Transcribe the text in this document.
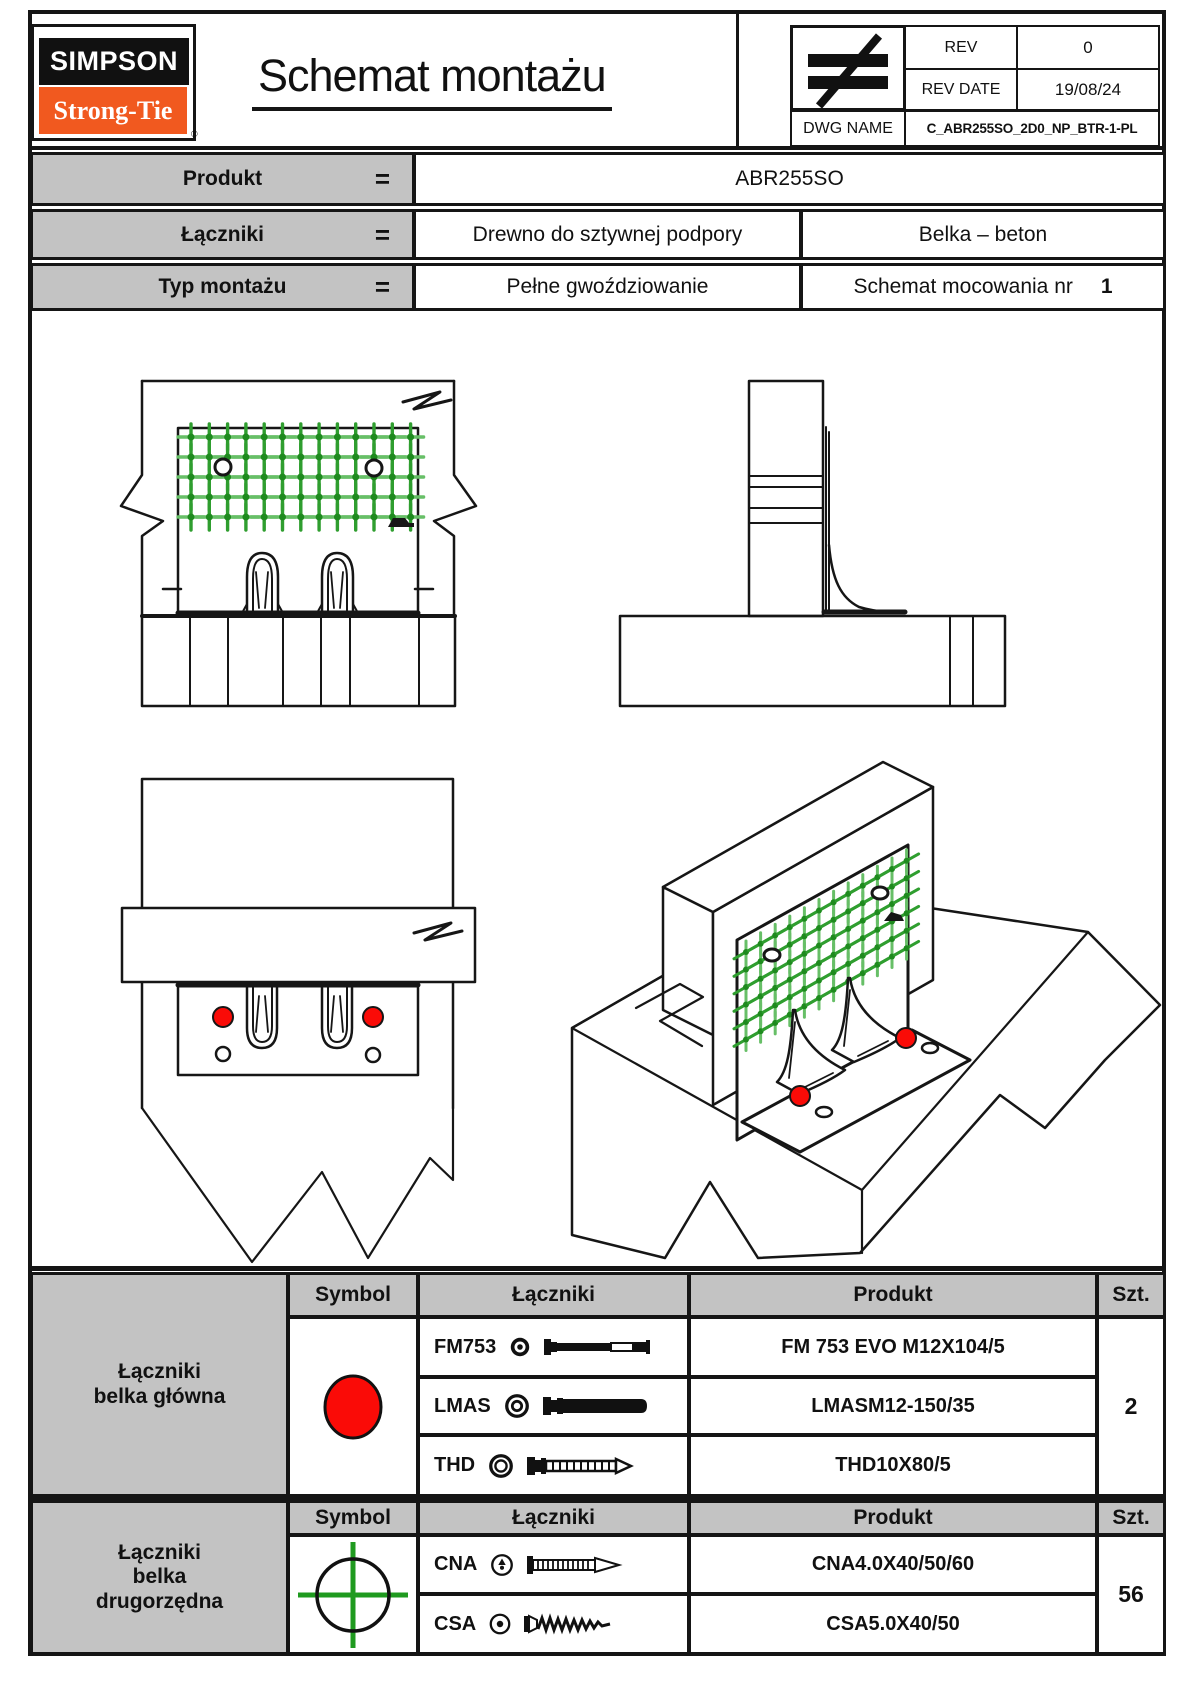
SIMPSON
Strong-Tie
®
Schemat montażu
REV	0
REV DATE	19/08/24
DWG NAME	C_ABR255SO_2D0_NP_BTR-1-PL
Produkt	=	ABR255SO
Łączniki	=	Drewno do sztywnej podpory	Belka – beton
Typ montażu	=	Pełne gwoździowanie	Schemat mocowania nr 1
Łączniki
belka główna
Symbol	Łączniki	Produkt	Szt.
FM753	FM 753 EVO M12X104/5
LMAS	LMASM12-150/35
THD	THD10X80/5
2
Łączniki
belka
drugorzędna
Symbol	Łączniki	Produkt	Szt.
CNA	CNA4.0X40/50/60
CSA	CSA5.0X40/50
56
